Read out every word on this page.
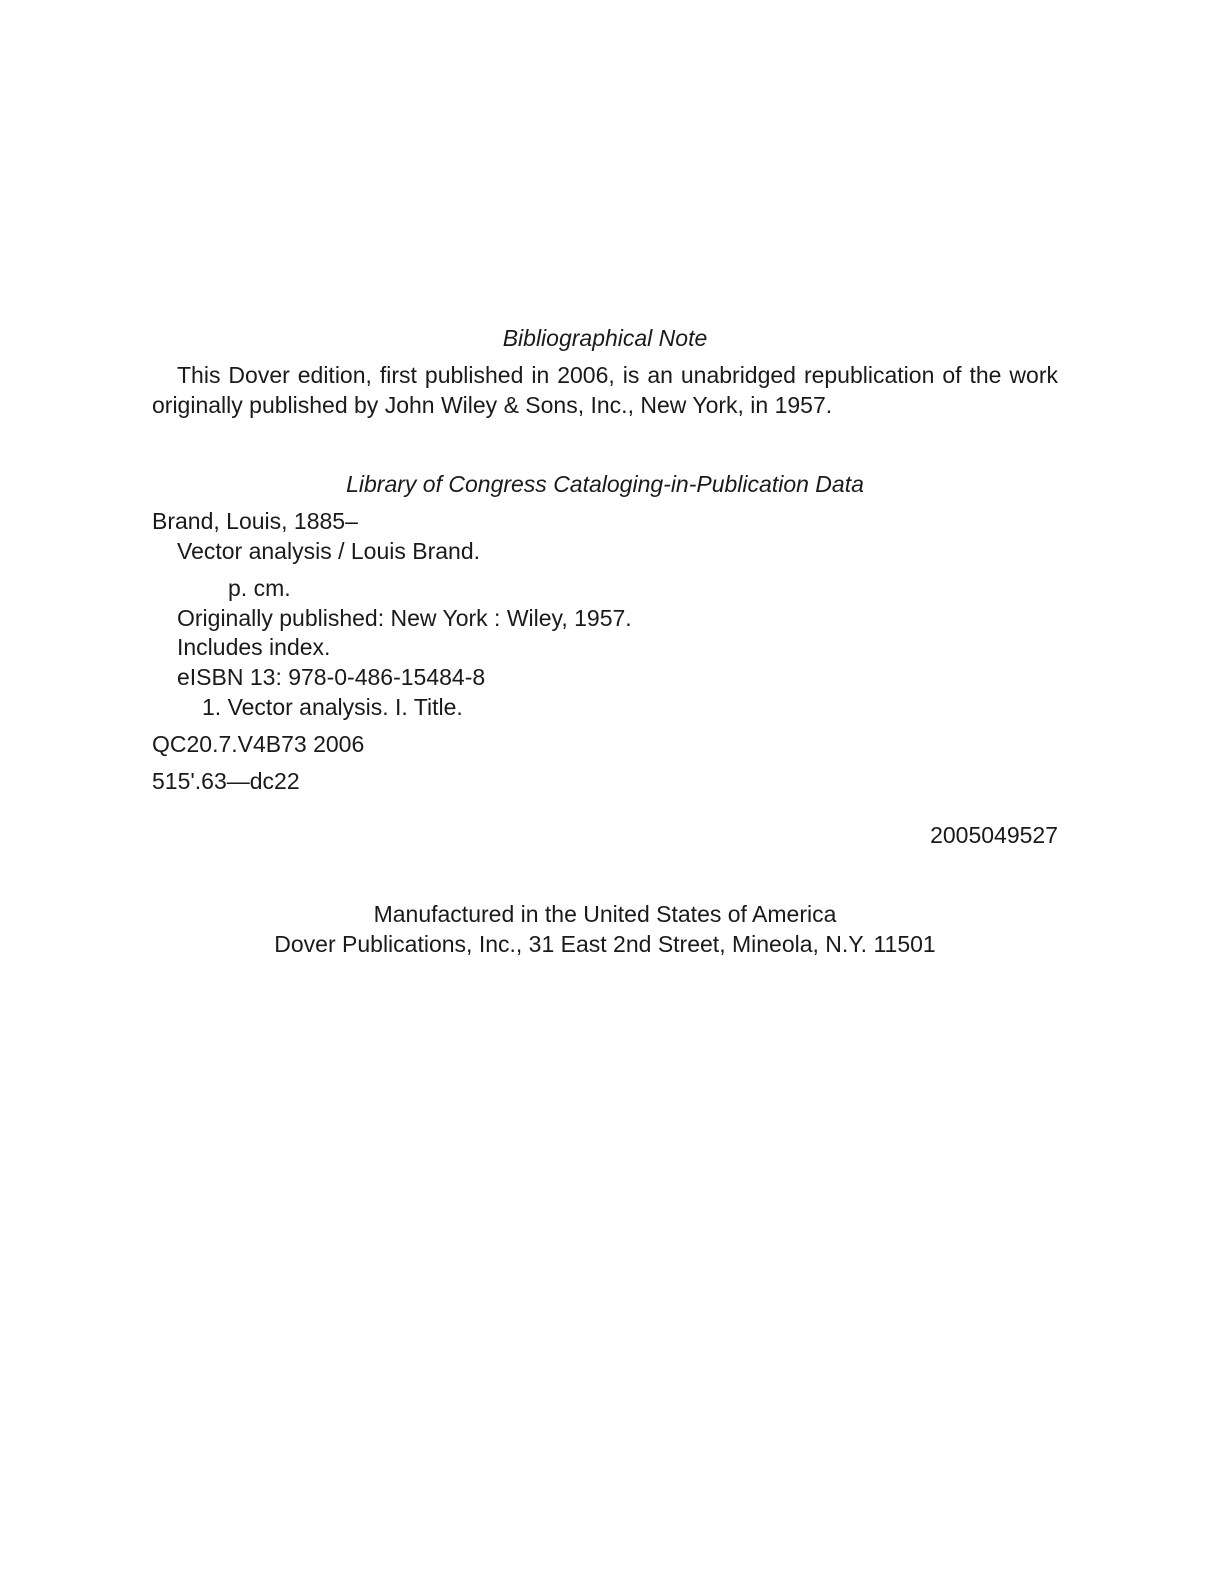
Bibliographical Note

This Dover edition, first published in 2006, is an unabridged republication of the work originally published by John Wiley & Sons, Inc., New York, in 1957.

Library of Congress Cataloging-in-Publication Data

Brand, Louis, 1885–

Vector analysis / Louis Brand.

p. cm.

Originally published: New York : Wiley, 1957.

Includes index.

eISBN 13: 978-0-486-15484-8

1. Vector analysis. I. Title.

QC20.7.V4B73 2006

515'.63—dc22

2005049527

Manufactured in the United States of America

Dover Publications, Inc., 31 East 2nd Street, Mineola, N.Y. 11501
